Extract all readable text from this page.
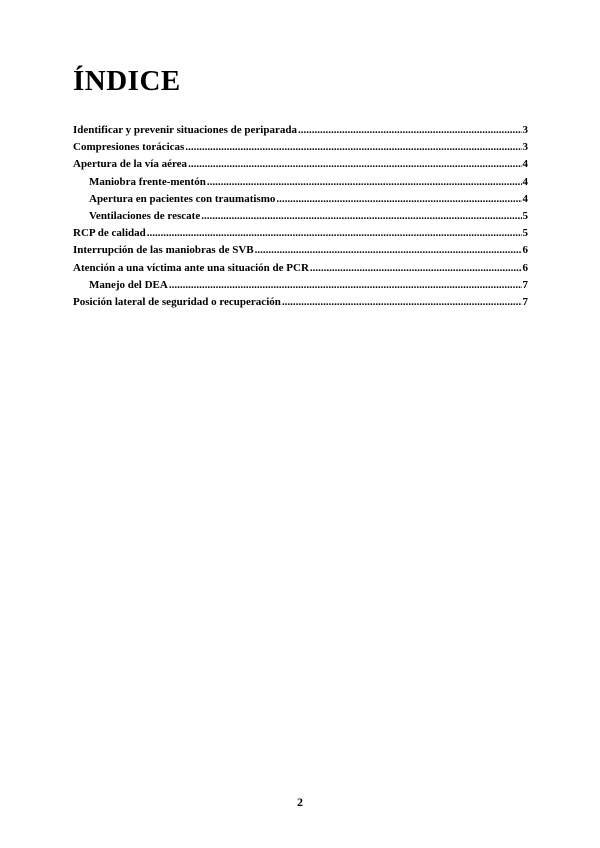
ÍNDICE
Identificar y prevenir situaciones de periparada .....	3
Compresiones torácicas .....	3
Apertura de la vía aérea .....	4
Maniobra frente-mentón .....	4
Apertura en pacientes con traumatismo .....	4
Ventilaciones de rescate .....	5
RCP de calidad .....	5
Interrupción de las maniobras de SVB .....	6
Atención a una víctima ante una situación de PCR .....	6
Manejo del DEA .....	7
Posición lateral de seguridad o recuperación .....	7
2
